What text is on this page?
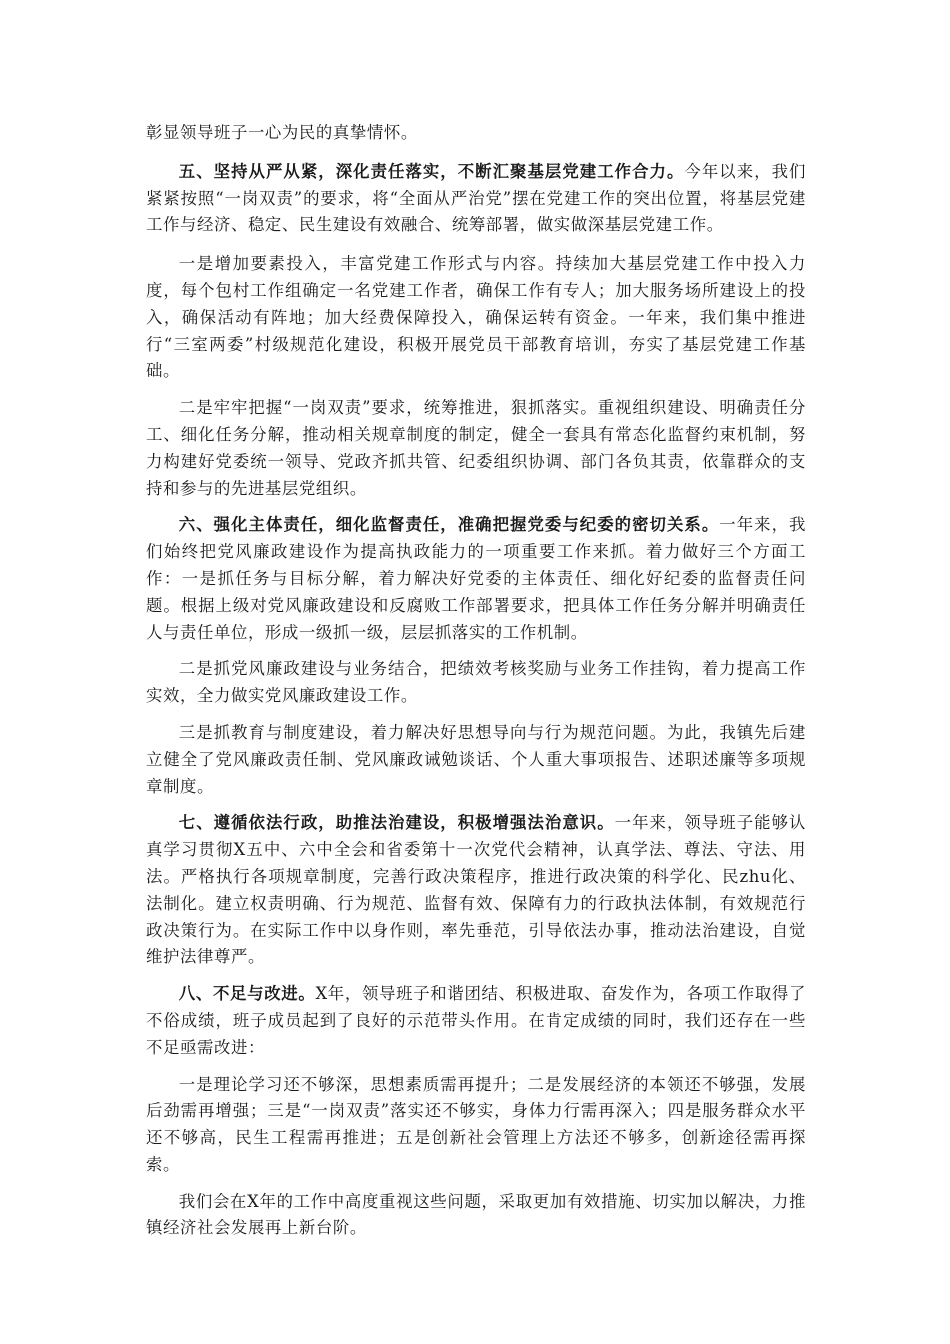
彰显领导班子一心为民的真挚情怀。

五、坚持从严从紧，深化责任落实，不断汇聚基层党建工作合力。今年以来，我们紧紧按照“一岗双责”的要求，将“全面从严治党”摆在党建工作的突出位置，将基层党建工作与经济、稳定、民生建设有效融合、统筹部署，做实做深基层党建工作。

一是增加要素投入，丰富党建工作形式与内容。持续加大基层党建工作中投入力度，每个包村工作组确定一名党建工作者，确保工作有专人；加大服务场所建设上的投入，确保活动有阵地；加大经费保障投入，确保运转有资金。一年来，我们集中推进行“三室两委”村级规范化建设，积极开展党员干部教育培训，夯实了基层党建工作基础。

二是牢牢把握“一岗双责”要求，统筹推进，狠抓落实。重视组织建设、明确责任分工、细化任务分解，推动相关规章制度的制定，健全一套具有常态化监督约束机制，努力构建好党委统一领导、党政齐抓共管、纪委组织协调、部门各负其责，依靠群众的支持和参与的先进基层党组织。

六、强化主体责任，细化监督责任，准确把握党委与纪委的密切关系。一年来，我们始终把党风廉政建设作为提高执政能力的一项重要工作来抓。着力做好三个方面工作：一是抓任务与目标分解，着力解决好党委的主体责任、细化好纪委的监督责任问题。根据上级对党风廉政建设和反腐败工作部署要求，把具体工作任务分解并明确责任人与责任单位，形成一级抓一级，层层抓落实的工作机制。

二是抓党风廉政建设与业务结合，把绩效考核奖励与业务工作挂钩，着力提高工作实效，全力做实党风廉政建设工作。

三是抓教育与制度建设，着力解决好思想导向与行为规范问题。为此，我镇先后建立健全了党风廉政责任制、党风廉政诫勉谈话、个人重大事项报告、述职述廉等多项规章制度。

七、遵循依法行政，助推法治建设，积极增强法治意识。一年来，领导班子能够认真学习贯彻X五中、六中全会和省委第十一次党代会精神，认真学法、尊法、守法、用法。严格执行各项规章制度，完善行政决策程序，推进行政决策的科学化、民zhu化、法制化。建立权责明确、行为规范、监督有效、保障有力的行政执法体制，有效规范行政决策行为。在实际工作中以身作则，率先垂范，引导依法办事，推动法治建设，自觉维护法律尊严。

八、不足与改进。X年，领导班子和谐团结、积极进取、奋发作为，各项工作取得了不俗成绩，班子成员起到了良好的示范带头作用。在肯定成绩的同时，我们还存在一些不足亟需改进：

一是理论学习还不够深，思想素质需再提升；二是发展经济的本领还不够强，发展后劲需再增强；三是“一岗双责”落实还不够实，身体力行需再深入；四是服务群众水平还不够高，民生工程需再推进；五是创新社会管理上方法还不够多，创新途径需再探索。

我们会在X年的工作中高度重视这些问题，采取更加有效措施、切实加以解决，力推镇经济社会发展再上新台阶。
